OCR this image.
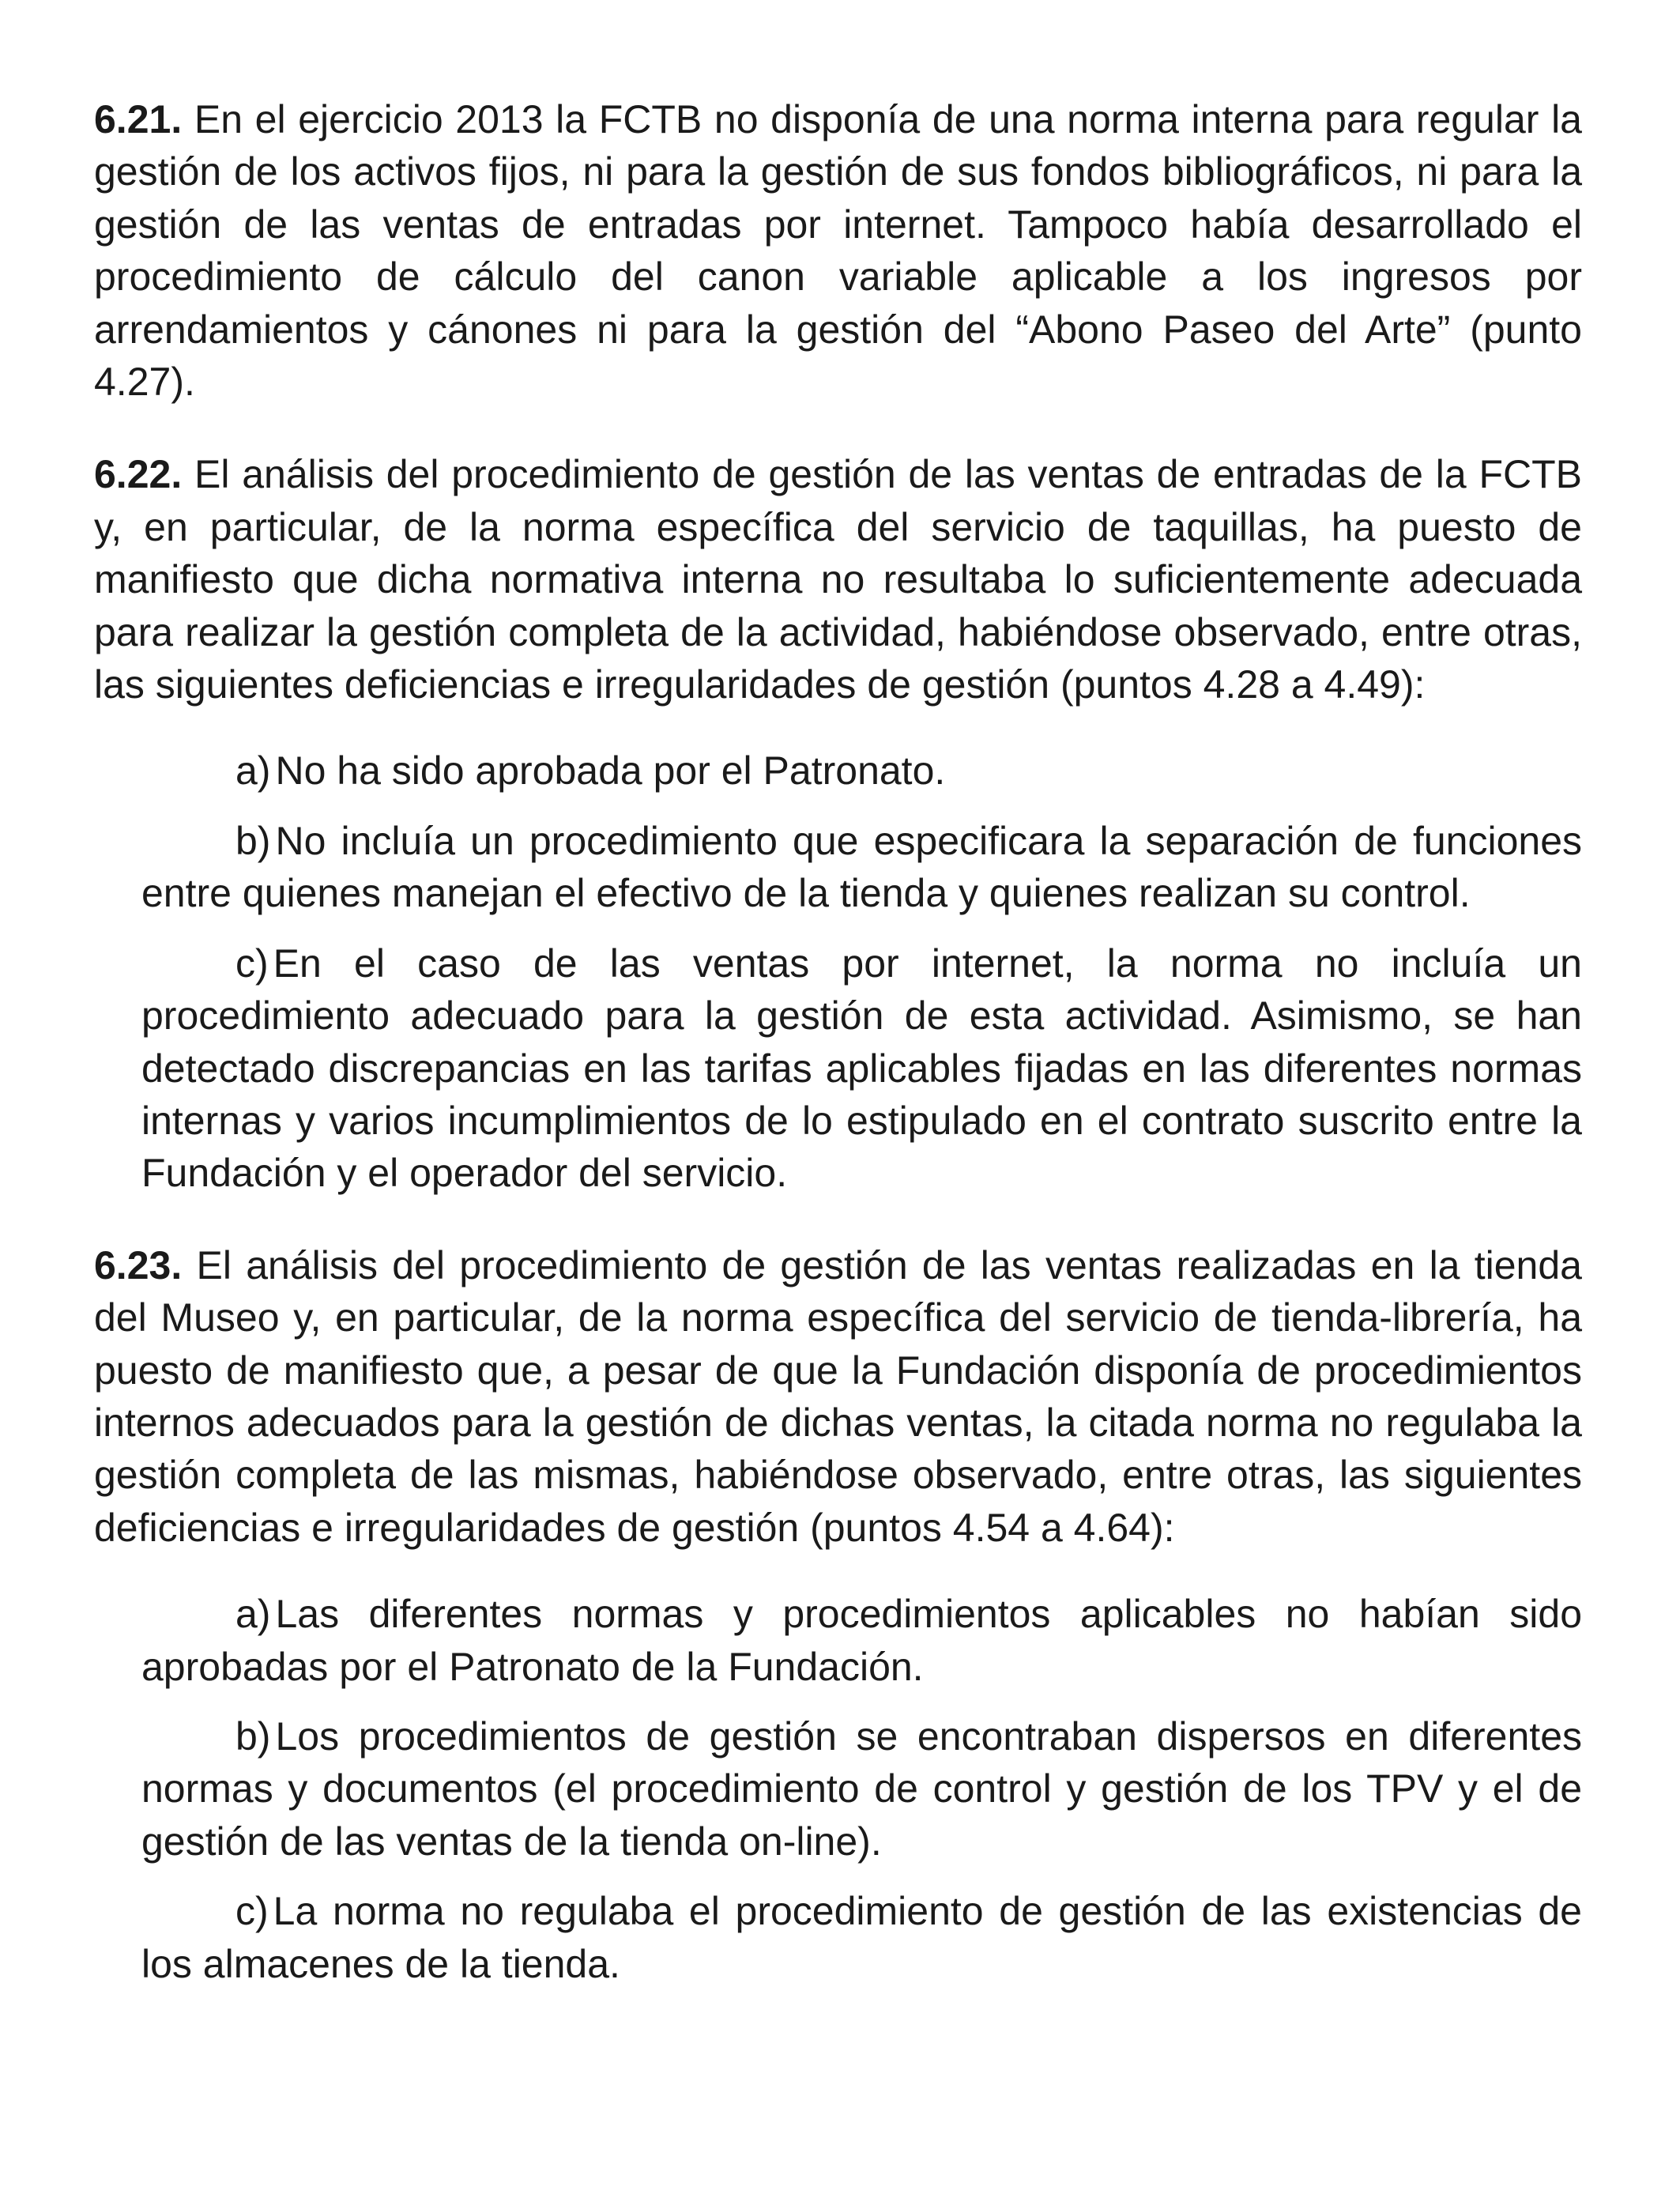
6.21. En el ejercicio 2013 la FCTB no disponía de una norma interna para regular la gestión de los activos fijos, ni para la gestión de sus fondos bibliográficos, ni para la gestión de las ventas de entradas por internet. Tampoco había desarrollado el procedimiento de cálculo del canon variable aplicable a los ingresos por arrendamientos y cánones ni para la gestión del “Abono Paseo del Arte” (punto 4.27).

6.22. El análisis del procedimiento de gestión de las ventas de entradas de la FCTB y, en particular, de la norma específica del servicio de taquillas, ha puesto de manifiesto que dicha normativa interna no resultaba lo suficientemente adecuada para realizar la gestión completa de la actividad, habiéndose observado, entre otras, las siguientes deficiencias e irregularidades de gestión (puntos 4.28 a 4.49):

a) No ha sido aprobada por el Patronato.

b) No incluía un procedimiento que especificara la separación de funciones entre quienes manejan el efectivo de la tienda y quienes realizan su control.

c) En el caso de las ventas por internet, la norma no incluía un procedimiento adecuado para la gestión de esta actividad. Asimismo, se han detectado discrepancias en las tarifas aplicables fijadas en las diferentes normas internas y varios incumplimientos de lo estipulado en el contrato suscrito entre la Fundación y el operador del servicio.

6.23. El análisis del procedimiento de gestión de las ventas realizadas en la tienda del Museo y, en particular, de la norma específica del servicio de tienda-librería, ha puesto de manifiesto que, a pesar de que la Fundación disponía de procedimientos internos adecuados para la gestión de dichas ventas, la citada norma no regulaba la gestión completa de las mismas, habiéndose observado, entre otras, las siguientes deficiencias e irregularidades de gestión (puntos 4.54 a 4.64):

a) Las diferentes normas y procedimientos aplicables no habían sido aprobadas por el Patronato de la Fundación.

b) Los procedimientos de gestión se encontraban dispersos en diferentes normas y documentos (el procedimiento de control y gestión de los TPV y el de gestión de las ventas de la tienda on-line).

c) La norma no regulaba el procedimiento de gestión de las existencias de los almacenes de la tienda.
